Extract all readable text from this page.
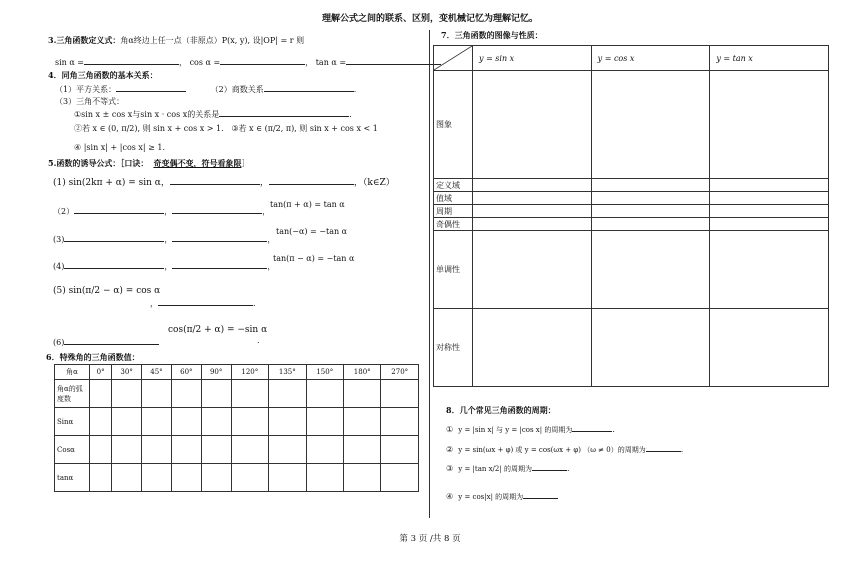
理解公式之间的联系、区别，变机械记忆为理解记忆。
3.三角函数定义式：角α终边上任一点（非原点）P(x, y), 设|OP| = r 则
sin α =	， cos α =	， tan α =
4．同角三角函数的基本关系：
（1）平方关系：	（2）商数关系	.
（3）三角不等式：
①sin x ± cos x与sin x · cos x的关系是	.
②若 x ∈ (0, π/2), 则 sin x + cos x > 1. ③若 x ∈ (π/2, π), 则 sin x + cos x < 1
④ |sin x| + |cos x| ≥ 1.
5.函数的诱导公式：［口诀： 奇变偶不变，符号看象限］
(1) sin(2kπ + α) = sin α，	，	，（k∈Z）
（2）	，	，
tan(π + α) = tan α
(3)	，	，
tan(−α) = −tan α
(4)	，	，
tan(π − α) = −tan α
(5) sin(π/2 − α) = cos α
，	.
cos(π/2 + α) = −sin α
(6)	.
6．特殊角的三角函数值：
角α	0°	30°	45°	60°	90°	120°	135°	150°	180°	270°
角α的弧度数										
Sinα										
Cosα										
tanα										
7．三角函数的图像与性质：
	y = sin x	y = cos x	y = tan x
图象			
定义域			
值域			
周期			
奇偶性			
单调性			
对称性			
8．几个常见三角函数的周期：
① y = |sin x| 与 y = |cos x| 的周期为	.
② y = sin(ωx + φ) 或 y = cos(ωx + φ) （ω ≠ 0）的周期为	.
③ y = |tan x/2| 的周期为	.
④ y = cos|x| 的周期为
第 3 页 /共 8 页
